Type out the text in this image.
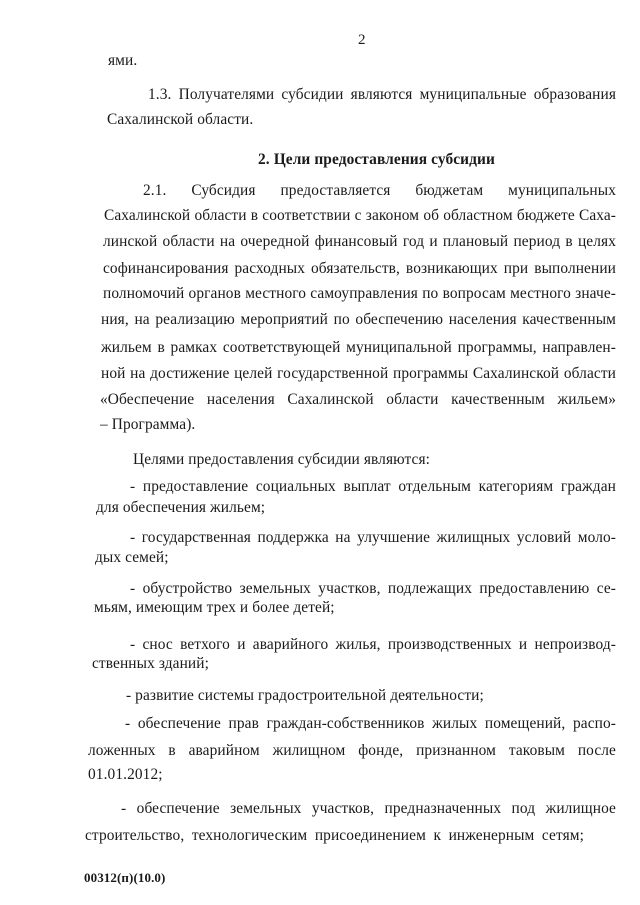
2
ями.
1.3. Получателями субсидии являются муниципальные образования
Сахалинской области.
2. Цели предоставления субсидии
2.1. Субсидия предоставляется бюджетам муниципальных
Сахалинской области в соответствии с законом об областном бюджете Саха-
линской области на очередной финансовый год и плановый период в целях
софинансирования расходных обязательств, возникающих при выполнении
полномочий органов местного самоуправления по вопросам местного значе-
ния, на реализацию мероприятий по обеспечению населения качественным
жильем в рамках соответствующей муниципальной программы, направлен-
ной на достижение целей государственной программы Сахалинской области
«Обеспечение населения Сахалинской области качественным жильем»
– Программа).
Целями предоставления субсидии являются:
- предоставление социальных выплат отдельным категориям граждан
для обеспечения жильем;
- государственная поддержка на улучшение жилищных условий моло-
дых семей;
- обустройство земельных участков, подлежащих предоставлению се-
мьям, имеющим трех и более детей;
- снос ветхого и аварийного жилья, производственных и непроизвод-
ственных зданий;
- развитие системы градостроительной деятельности;
- обеспечение прав граждан-собственников жилых помещений, распо-
ложенных в аварийном жилищном фонде, признанном таковым после
01.01.2012;
- обеспечение земельных участков, предназначенных под жилищное
строительство, технологическим присоединением к инженерным сетям;
00312(п)(10.0)
